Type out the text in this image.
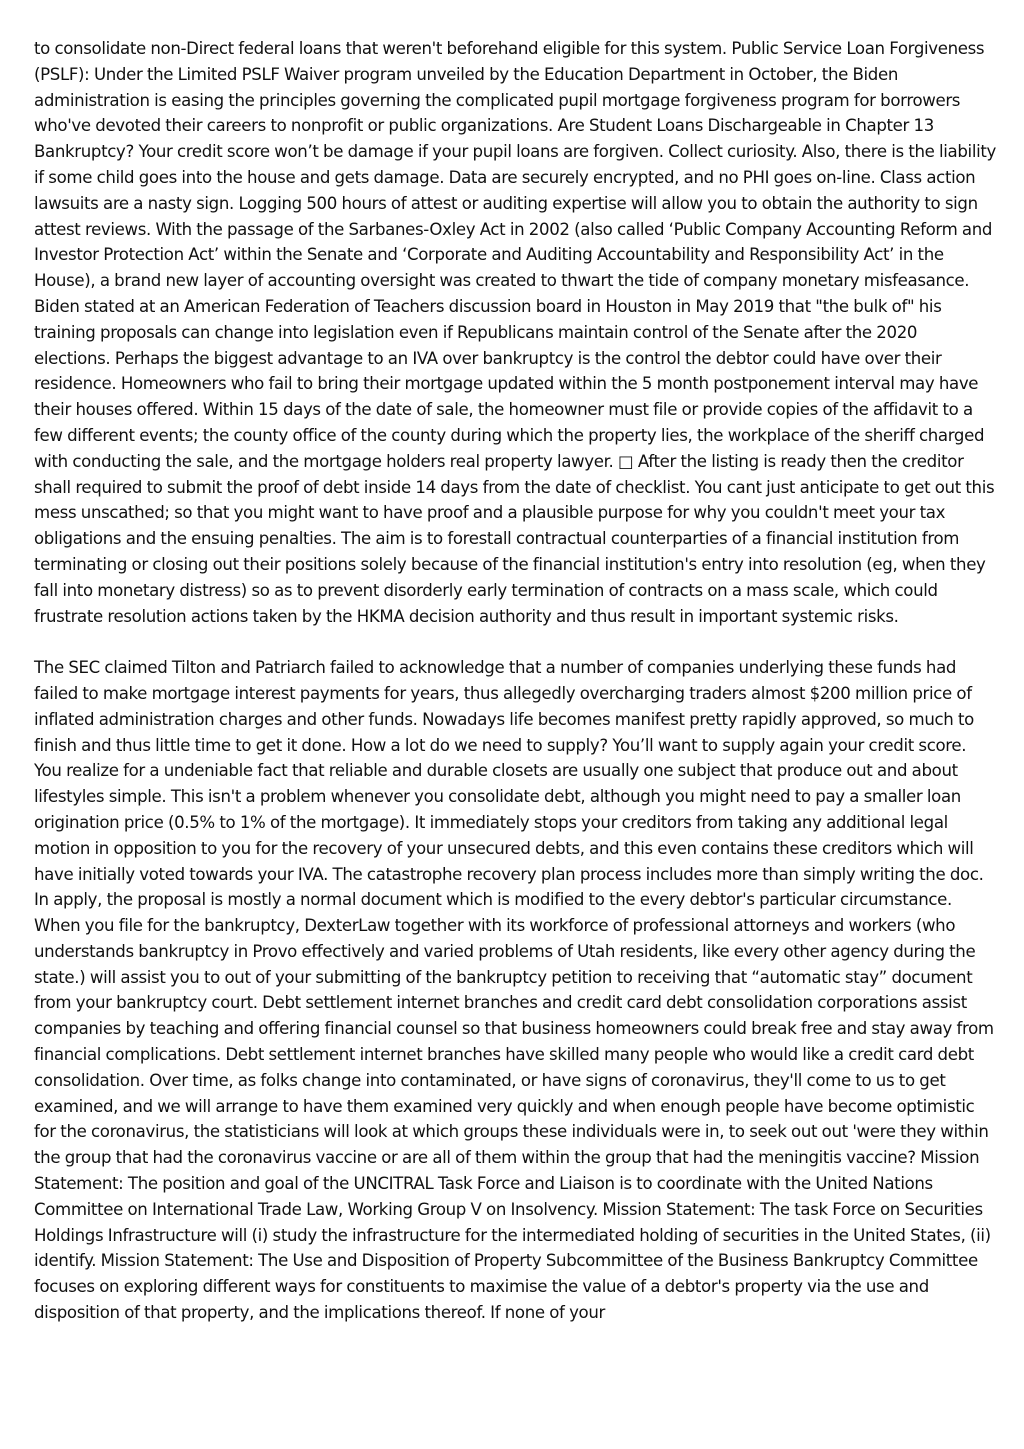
to consolidate non-Direct federal loans that weren't beforehand eligible for this system. Public Service Loan Forgiveness (PSLF): Under the Limited PSLF Waiver program unveiled by the Education Department in October, the Biden administration is easing the principles governing the complicated pupil mortgage forgiveness program for borrowers who've devoted their careers to nonprofit or public organizations. Are Student Loans Dischargeable in Chapter 13 Bankruptcy? Your credit score won’t be damage if your pupil loans are forgiven. Collect curiosity. Also, there is the liability if some child goes into the house and gets damage. Data are securely encrypted, and no PHI goes on-line. Class action lawsuits are a nasty sign. Logging 500 hours of attest or auditing expertise will allow you to obtain the authority to sign attest reviews. With the passage of the Sarbanes-Oxley Act in 2002 (also called ‘Public Company Accounting Reform and Investor Protection Act’ within the Senate and ‘Corporate and Auditing Accountability and Responsibility Act’ in the House), a brand new layer of accounting oversight was created to thwart the tide of company monetary misfeasance. Biden stated at an American Federation of Teachers discussion board in Houston in May 2019 that "the bulk of" his training proposals can change into legislation even if Republicans maintain control of the Senate after the 2020 elections. Perhaps the biggest advantage to an IVA over bankruptcy is the control the debtor could have over their residence. Homeowners who fail to bring their mortgage updated within the 5 month postponement interval may have their houses offered. Within 15 days of the date of sale, the homeowner must file or provide copies of the affidavit to a few different events; the county office of the county during which the property lies, the workplace of the sheriff charged with conducting the sale, and the mortgage holders real property lawyer. □ After the listing is ready then the creditor shall required to submit the proof of debt inside 14 days from the date of checklist. You cant just anticipate to get out this mess unscathed; so that you might want to have proof and a plausible purpose for why you couldn't meet your tax obligations and the ensuing penalties. The aim is to forestall contractual counterparties of a financial institution from terminating or closing out their positions solely because of the financial institution's entry into resolution (eg, when they fall into monetary distress) so as to prevent disorderly early termination of contracts on a mass scale, which could frustrate resolution actions taken by the HKMA decision authority and thus result in important systemic risks.

The SEC claimed Tilton and Patriarch failed to acknowledge that a number of companies underlying these funds had failed to make mortgage interest payments for years, thus allegedly overcharging traders almost $200 million price of inflated administration charges and other funds. Nowadays life becomes manifest pretty rapidly approved, so much to finish and thus little time to get it done. How a lot do we need to supply? You’ll want to supply again your credit score. You realize for a undeniable fact that reliable and durable closets are usually one subject that produce out and about lifestyles simple. This isn't a problem whenever you consolidate debt, although you might need to pay a smaller loan origination price (0.5% to 1% of the mortgage). It immediately stops your creditors from taking any additional legal motion in opposition to you for the recovery of your unsecured debts, and this even contains these creditors which will have initially voted towards your IVA. The catastrophe recovery plan process includes more than simply writing the doc. In apply, the proposal is mostly a normal document which is modified to the every debtor's particular circumstance. When you file for the bankruptcy, DexterLaw together with its workforce of professional attorneys and workers (who understands bankruptcy in Provo effectively and varied problems of Utah residents, like every other agency during the state.) will assist you to out of your submitting of the bankruptcy petition to receiving that “automatic stay” document from your bankruptcy court. Debt settlement internet branches and credit card debt consolidation corporations assist companies by teaching and offering financial counsel so that business homeowners could break free and stay away from financial complications. Debt settlement internet branches have skilled many people who would like a credit card debt consolidation. Over time, as folks change into contaminated, or have signs of coronavirus, they'll come to us to get examined, and we will arrange to have them examined very quickly and when enough people have become optimistic for the coronavirus, the statisticians will look at which groups these individuals were in, to seek out out 'were they within the group that had the coronavirus vaccine or are all of them within the group that had the meningitis vaccine? Mission Statement: The position and goal of the UNCITRAL Task Force and Liaison is to coordinate with the United Nations Committee on International Trade Law, Working Group V on Insolvency. Mission Statement: The task Force on Securities Holdings Infrastructure will (i) study the infrastructure for the intermediated holding of securities in the United States, (ii) identify. Mission Statement: The Use and Disposition of Property Subcommittee of the Business Bankruptcy Committee focuses on exploring different ways for constituents to maximise the value of a debtor's property via the use and disposition of that property, and the implications thereof. If none of your
